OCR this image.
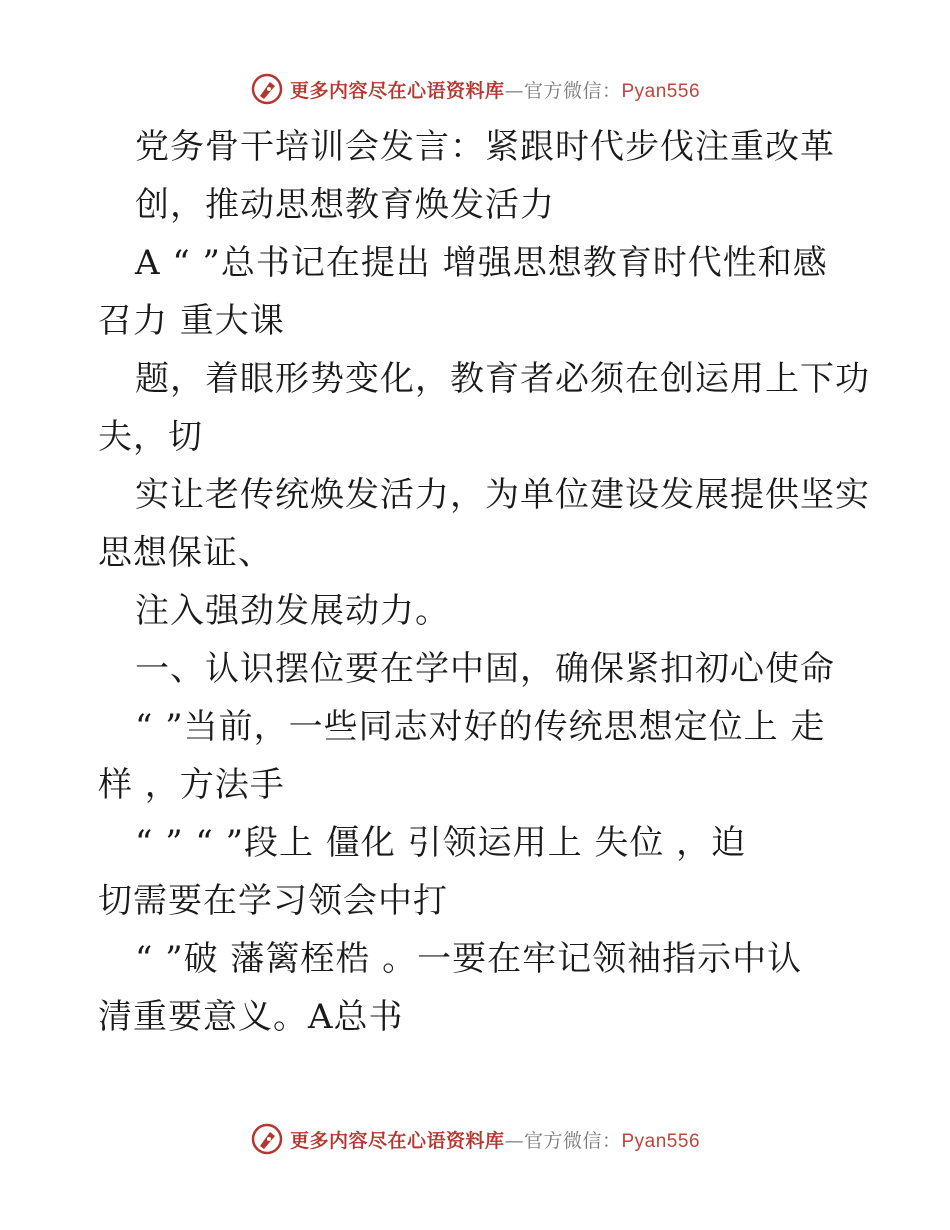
更多内容尽在心语资料库—官方微信：Pyan556
党务骨干培训会发言：紧跟时代步伐注重改革
创，推动思想教育焕发活力
A “ ”总书记在提出 增强思想教育时代性和感
召力 重大课
题，着眼形势变化，教育者必须在创运用上下功
夫，切
实让老传统焕发活力，为单位建设发展提供坚实
思想保证、
注入强劲发展动力。
一、认识摆位要在学中固，确保紧扣初心使命
“ ”当前，一些同志对好的传统思想定位上 走
样 ，方法手
“ ” “ ”段上 僵化 引领运用上 失位 ，迫
切需要在学习领会中打
“ ”破 藩篱桎梏 。一要在牢记领袖指示中认
清重要意义。A总书
更多内容尽在心语资料库—官方微信：Pyan556
